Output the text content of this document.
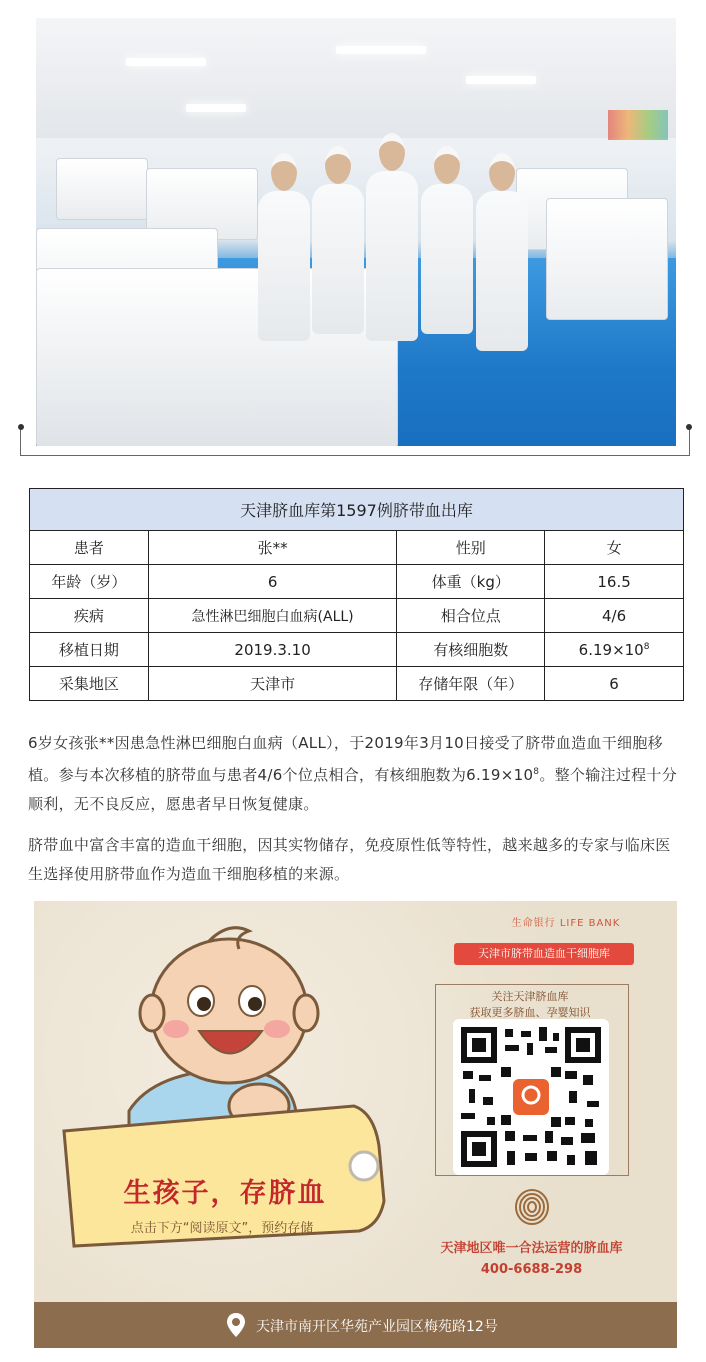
天津脐血库第1597例脐带血出库			
患者	张**	性别	女
年龄（岁）	6	体重（kg）	16.5
疾病	急性淋巴细胞白血病(ALL)	相合位点	4/6
移植日期	2019.3.10	有核细胞数	$6.19\times 10^8$
采集地区	天津市	存储年限（年）	6

6岁女孩张**因患急性淋巴细胞白血病（ALL），于2019年3月10日接受了脐带血造血干细胞移植。参与本次移植的脐带血与患者4/6个位点相合，有核细胞数为$6.19\times 10^8$。整个输注过程十分顺利，无不良反应，愿患者早日恢复健康。

脐带血中富含丰富的造血干细胞，因其实物储存，免疫原性低等特性，越来越多的专家与临床医生选择使用脐带血作为造血干细胞移植的来源。

生孩子，存脐血
点击下方“阅读原文”，预约存储
生命银行 LIFE BANK
天津市脐带血造血干细胞库
关注天津脐血库
获取更多脐血、孕婴知识
天津地区唯一合法运营的脐血库
400-6688-298
天津市南开区华苑产业园区梅苑路12号
